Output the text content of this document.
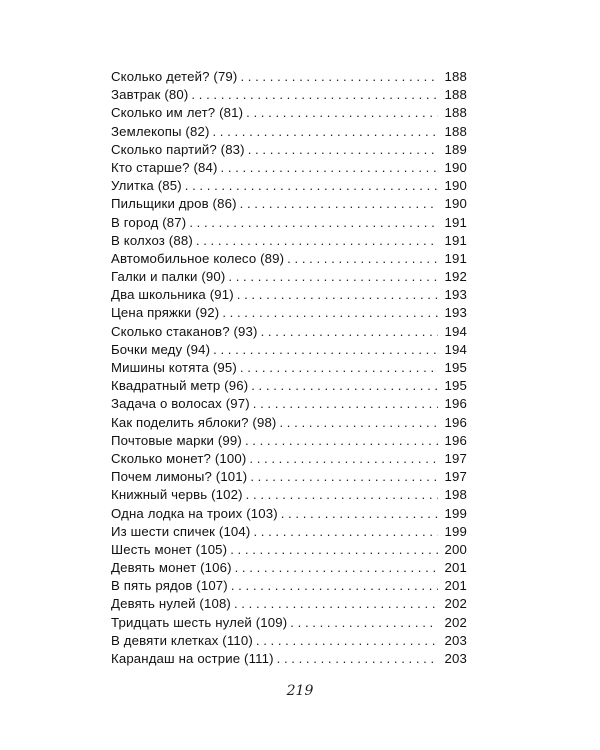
Сколько детей? (79) . . .	188
Завтрак (80) . . .	188
Сколько им лет? (81) . . .	188
Землекопы (82) . . .	188
Сколько партий? (83) . . .	189
Кто старше? (84) . . .	190
Улитка (85) . . .	190
Пильщики дров (86) . . .	190
В город (87) . . .	191
В колхоз (88) . . .	191
Автомобильное колесо (89) . . .	191
Галки и палки (90) . . .	192
Два школьника (91) . . .	193
Цена пряжки (92) . . .	193
Сколько стаканов? (93) . . .	194
Бочки меду (94) . . .	194
Мишины котята (95) . . .	195
Квадратный метр (96) . . .	195
Задача о волосах (97) . . .	196
Как поделить яблоки? (98) . . .	196
Почтовые марки (99) . . .	196
Сколько монет? (100) . . .	197
Почем лимоны? (101) . . .	197
Книжный червь (102) . . .	198
Одна лодка на троих (103) . . .	199
Из шести спичек (104) . . .	199
Шесть монет (105) . . .	200
Девять монет (106) . . .	201
В пять рядов (107) . . .	201
Девять нулей (108) . . .	202
Тридцать шесть нулей (109) . . .	202
В девяти клетках (110) . . .	203
Карандаш на острие (111) . . .	203
219
